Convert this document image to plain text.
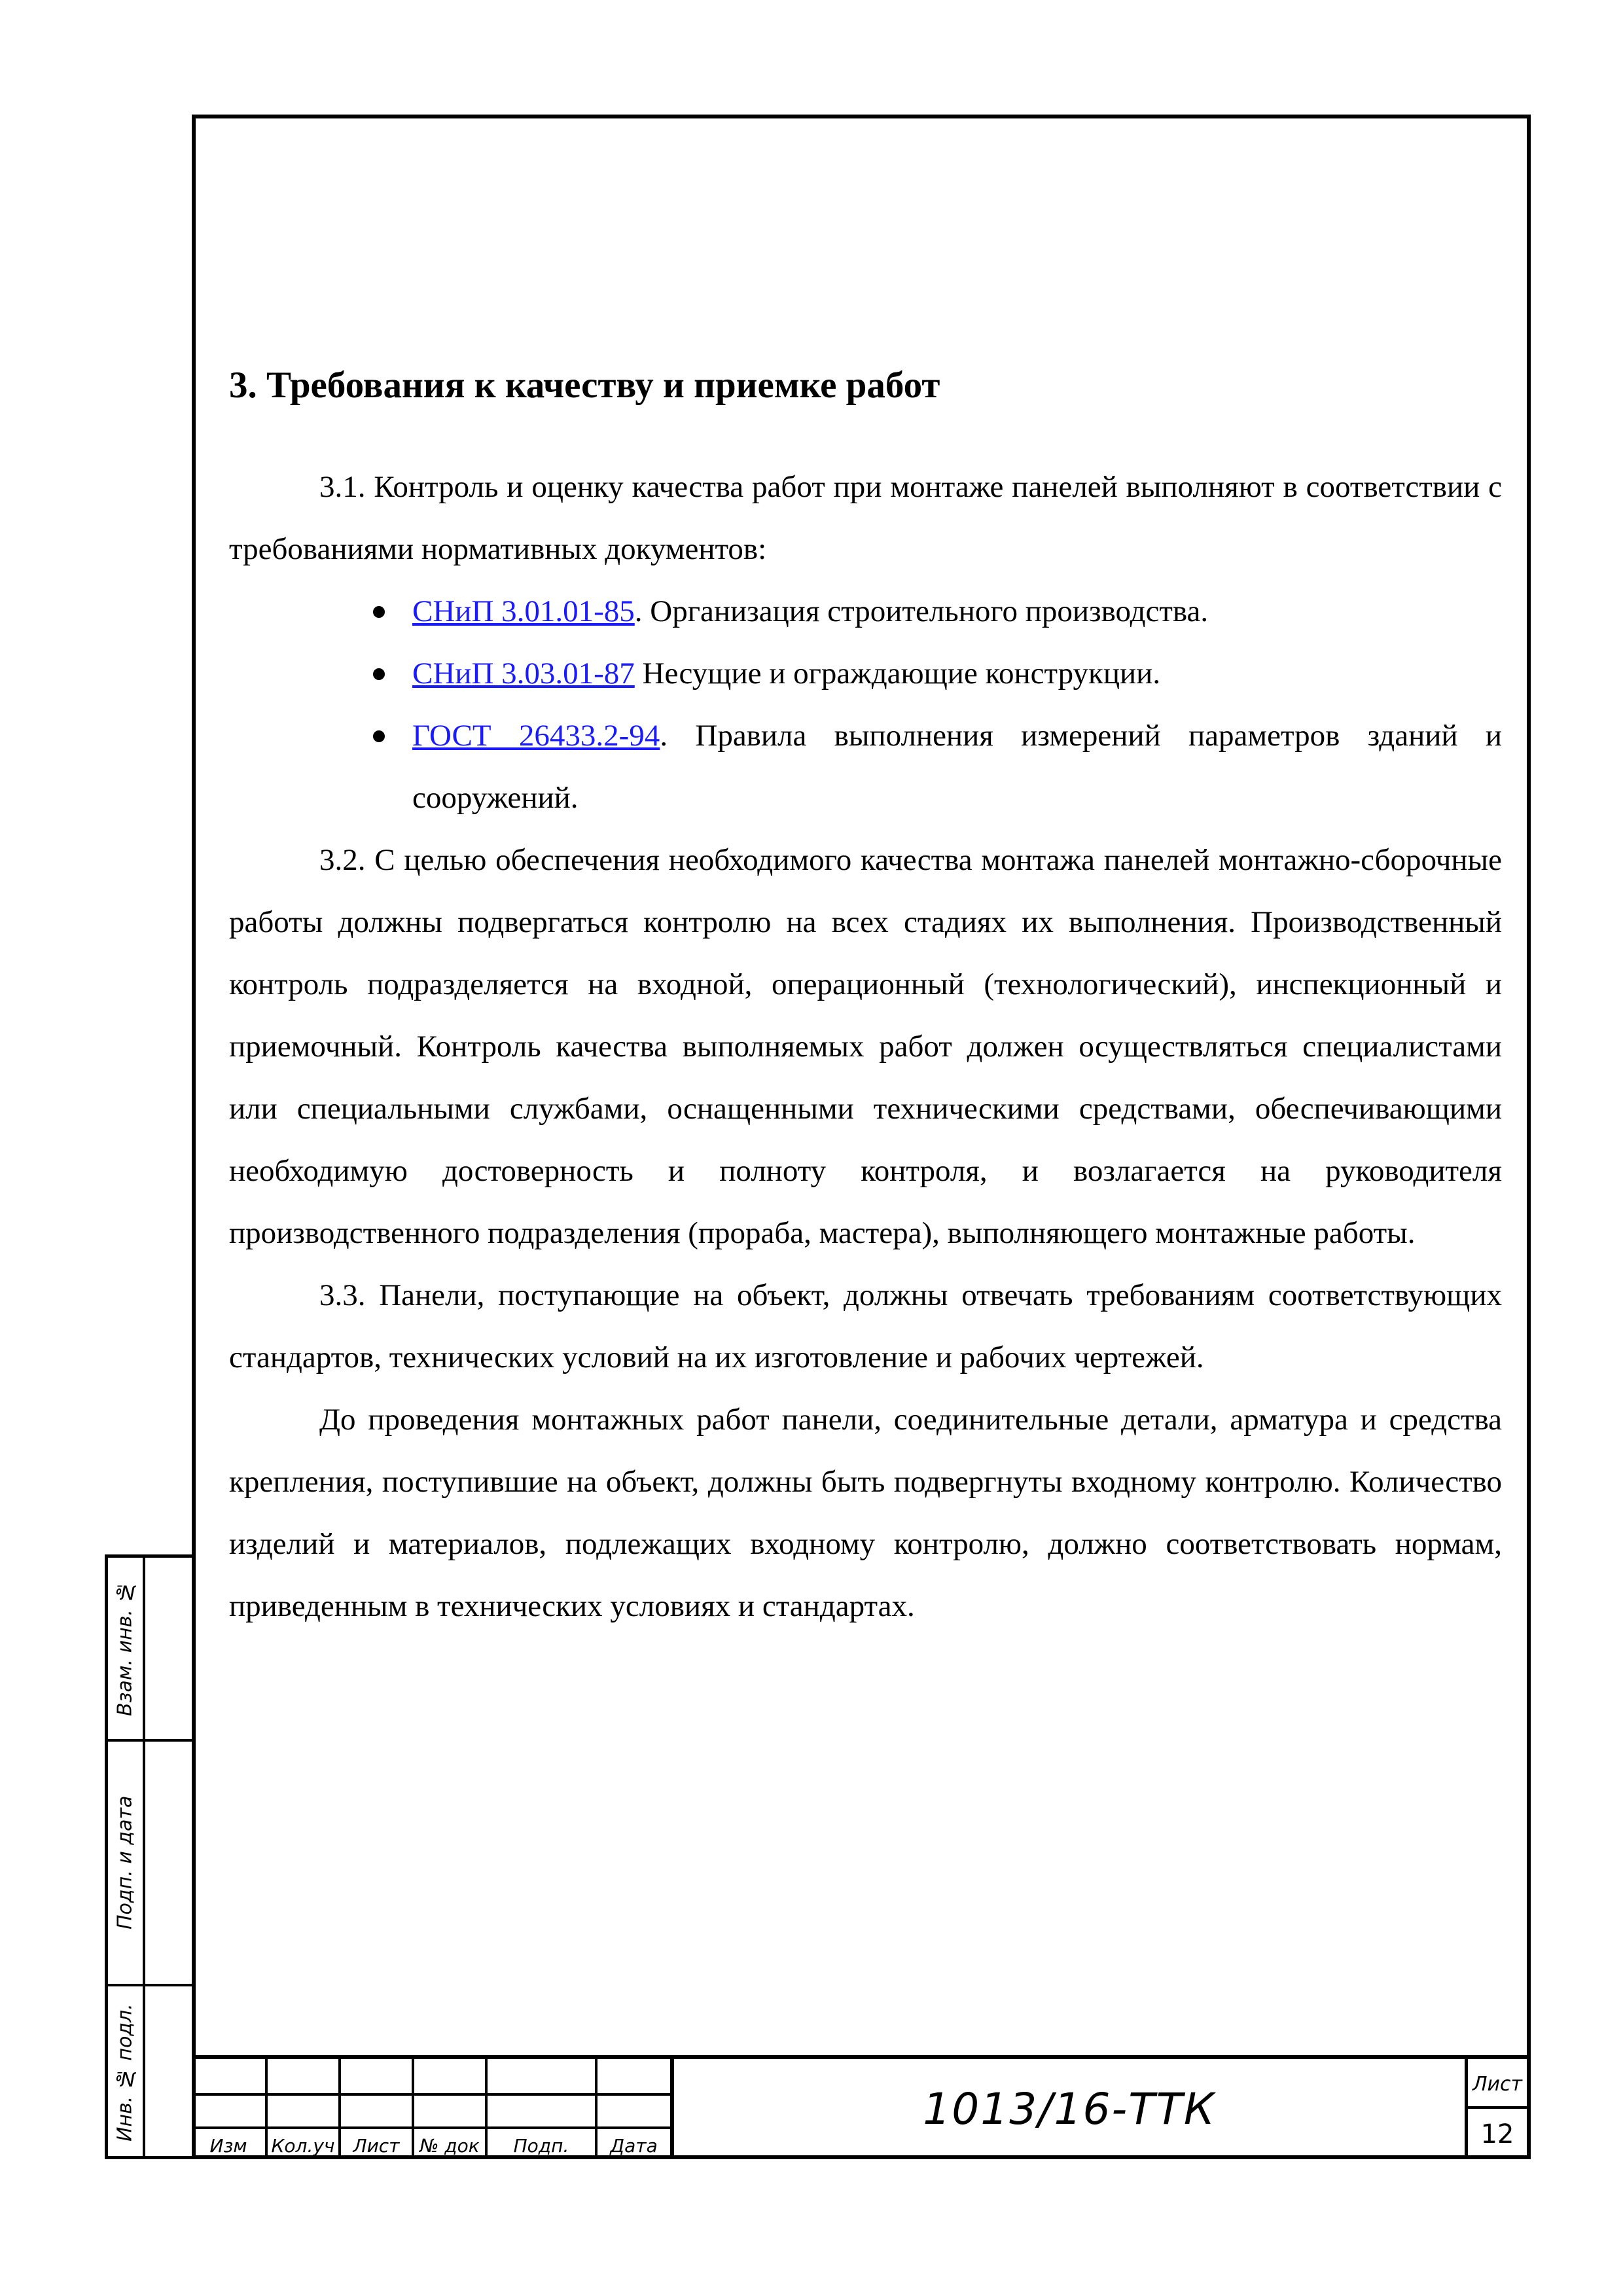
3. Требования к качеству и приемке работ

3.1. Контроль и оценку качества работ при монтаже панелей выполняют в соответствии с требованиями нормативных документов:

СНиП 3.01.01-85. Организация строительного производства.
СНиП 3.03.01-87 Несущие и ограждающие конструкции.
ГОСТ 26433.2-94. Правила выполнения измерений параметров зданий и сооружений.

3.2. С целью обеспечения необходимого качества монтажа панелей монтажно-сборочные работы должны подвергаться контролю на всех стадиях их выполнения. Производственный контроль подразделяется на входной, операционный (технологический), инспекционный и приемочный. Контроль качества выполняемых работ должен осуществляться специалистами или специальными службами, оснащенными техническими средствами, обеспечивающими необходимую достоверность и полноту контроля, и возлагается на руководителя производственного подразделения (прораба, мастера), выполняющего монтажные работы.

3.3. Панели, поступающие на объект, должны отвечать требованиям соответствующих стандартов, технических условий на их изготовление и рабочих чертежей.

До проведения монтажных работ панели, соединительные детали, арматура и средства крепления, поступившие на объект, должны быть подвергнуты входному контролю. Количество изделий и материалов, подлежащих входному контролю, должно соответствовать нормам, приведенным в технических условиях и стандартах.

Взам. инв. №
Подп. и дата
Инв. № подл.
Изм	Кол.уч	Лист	№ док	Подп.	Дата
1013/16-ТТК	Лист
12
